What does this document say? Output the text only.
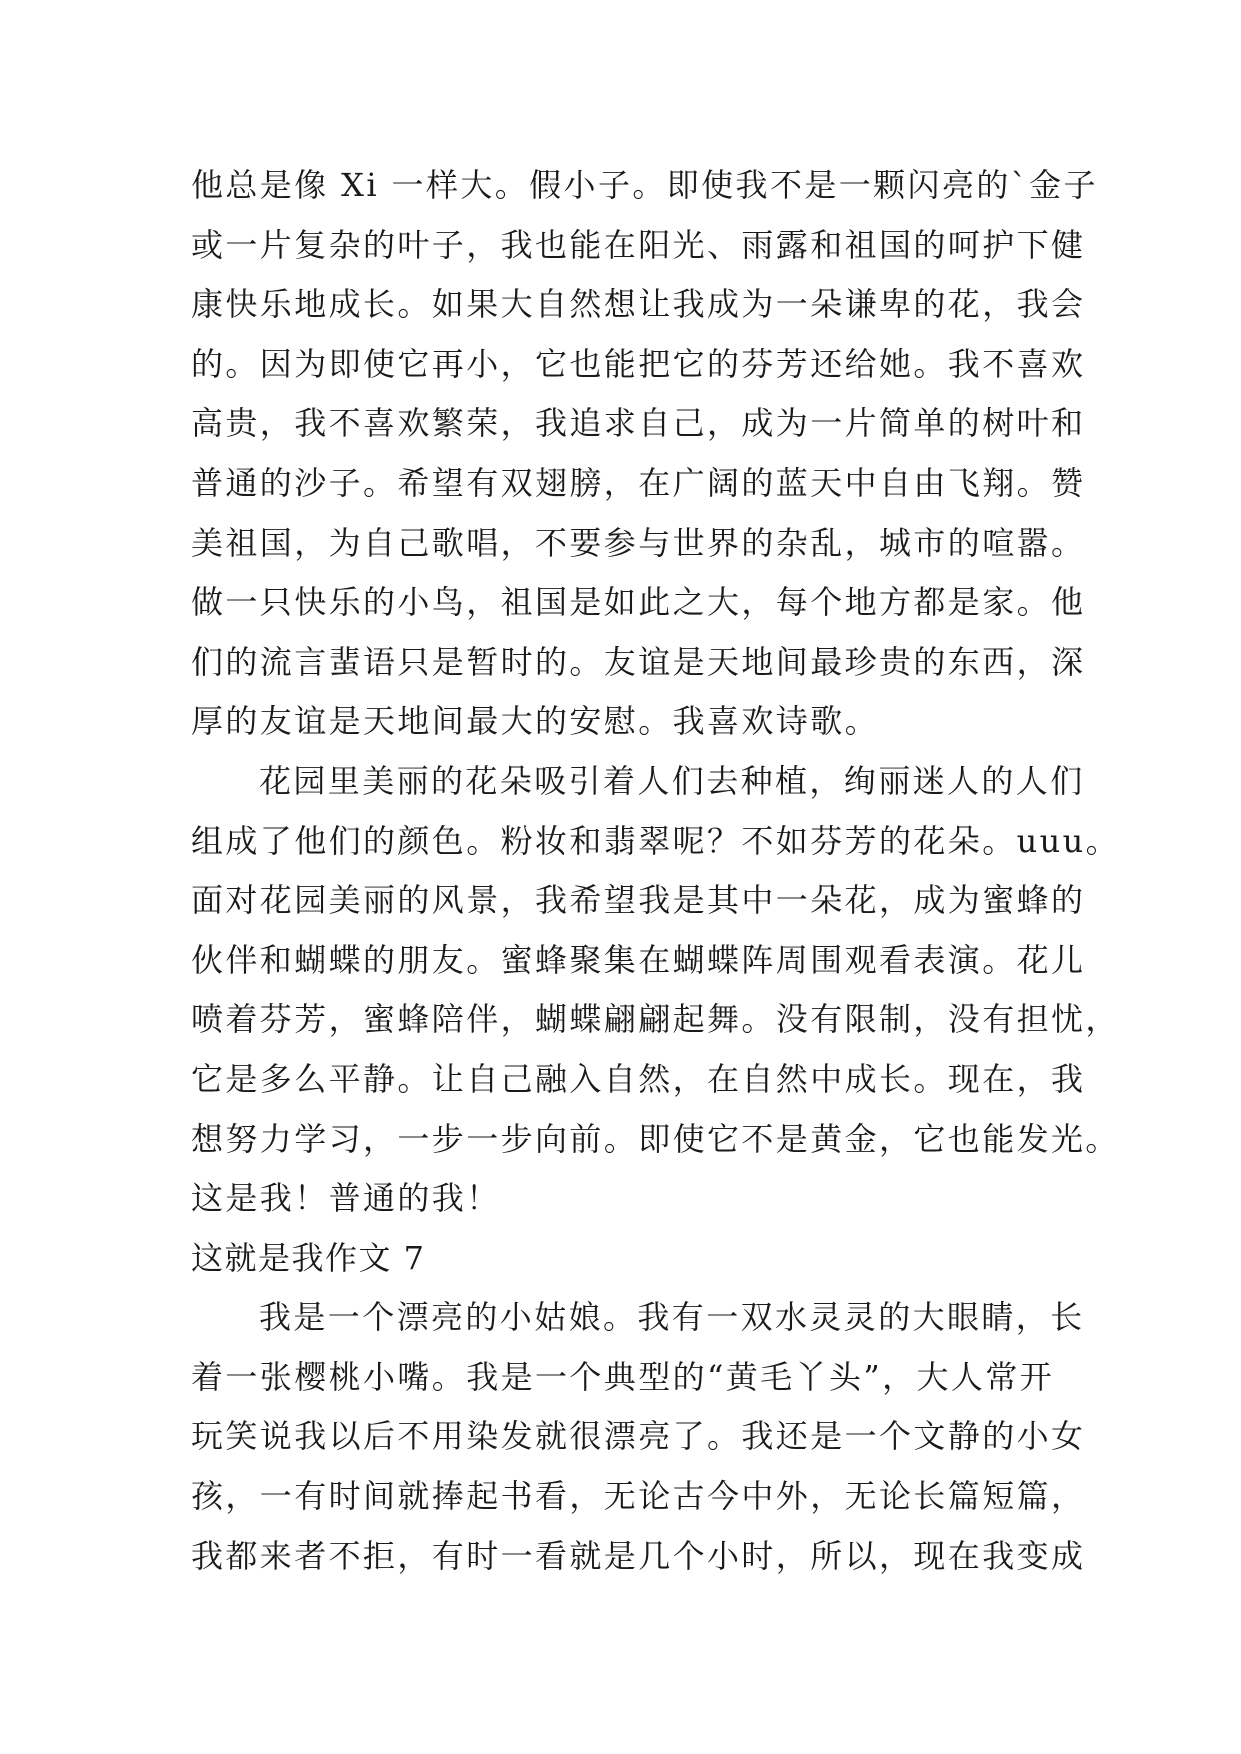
他总是像 Xi 一样大。假小子。即使我不是一颗闪亮的`金子
或一片复杂的叶子，我也能在阳光、雨露和祖国的呵护下健
康快乐地成长。如果大自然想让我成为一朵谦卑的花，我会
的。因为即使它再小，它也能把它的芬芳还给她。我不喜欢
高贵，我不喜欢繁荣，我追求自己，成为一片简单的树叶和
普通的沙子。希望有双翅膀，在广阔的蓝天中自由飞翔。赞
美祖国，为自己歌唱，不要参与世界的杂乱，城市的喧嚣。
做一只快乐的小鸟，祖国是如此之大，每个地方都是家。他
们的流言蜚语只是暂时的。友谊是天地间最珍贵的东西，深
厚的友谊是天地间最大的安慰。我喜欢诗歌。
花园里美丽的花朵吸引着人们去种植，绚丽迷人的人们
组成了他们的颜色。粉妆和翡翠呢？不如芬芳的花朵。uuu。
面对花园美丽的风景，我希望我是其中一朵花，成为蜜蜂的
伙伴和蝴蝶的朋友。蜜蜂聚集在蝴蝶阵周围观看表演。花儿
喷着芬芳，蜜蜂陪伴，蝴蝶翩翩起舞。没有限制，没有担忧，
它是多么平静。让自己融入自然，在自然中成长。现在，我
想努力学习，一步一步向前。即使它不是黄金，它也能发光。
这是我！普通的我！
这就是我作文 7
我是一个漂亮的小姑娘。我有一双水灵灵的大眼睛，长
着一张樱桃小嘴。我是一个典型的“黄毛丫头”，大人常开
玩笑说我以后不用染发就很漂亮了。我还是一个文静的小女
孩，一有时间就捧起书看，无论古今中外，无论长篇短篇，
我都来者不拒，有时一看就是几个小时，所以，现在我变成
